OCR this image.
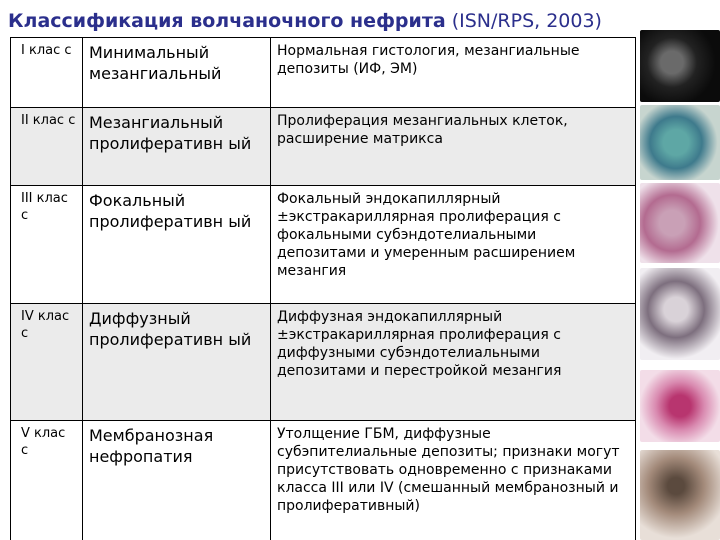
Классификация волчаночного нефрита (ISN/RPS, 2003)
I клас с	Минимальный мезангиальный	Нормальная гистология, мезангиальные депозиты (ИФ, ЭМ)
II клас с	Мезангиальный пролиферативн ый	Пролиферация мезангиальных клеток, расширение матрикса
III клас с	Фокальный пролиферативн ый	Фокальный эндокапиллярный ±экстракариллярная пролиферация с фокальными субэндотелиальными депозитами и умеренным расширением мезангия
IV клас с	Диффузный пролиферативн ый	Диффузная эндокапиллярный ±экстракариллярная пролиферация с диффузными субэндотелиальными депозитами и перестройкой мезангия
V клас с	Мембранозная нефропатия	Утолщение ГБМ, диффузные субэпителиальные депозиты; признаки могут присутствовать одновременно с признаками класса III или IV (смешанный мембранозный и пролиферативный)
